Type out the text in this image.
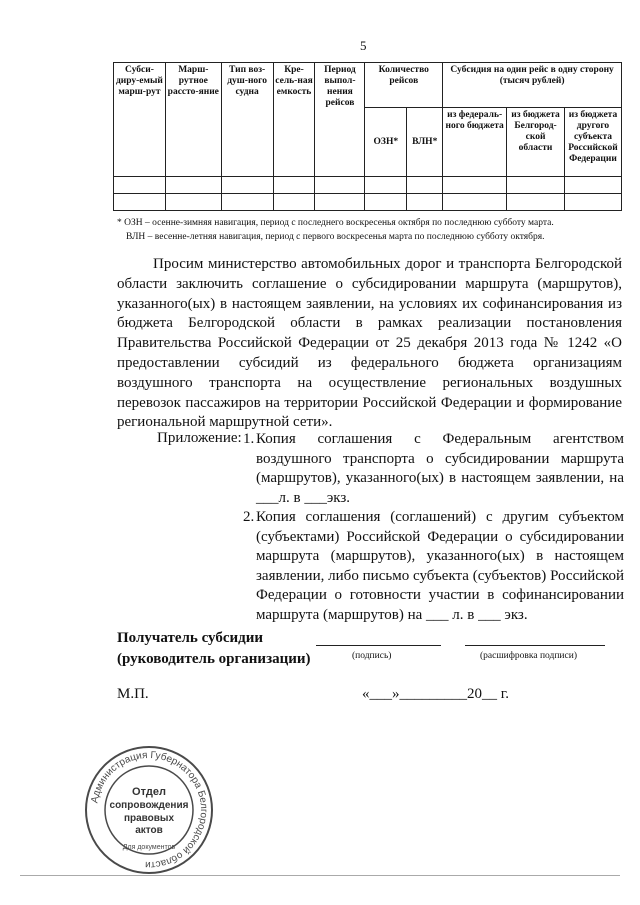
5
Субси-диру-емый марш-рут	Марш-рутное рассто-яние	Тип воз-душ-ного судна	Кре-сель-ная емкость	Период выпол-нения рейсов	Количество рейсов		Субсидия на один рейс в одну сторону (тысяч рублей)		
					ОЗН*	ВЛН*	из федераль-ного бюджета	из бюджета Белгород-ской области	из бюджета другого субъекта Российской Федерации

* ОЗН – осенне-зимняя навигация, период с последнего воскресенья октября по последнюю субботу марта.
ВЛН – весенне-летняя навигация, период с первого воскресенья марта по последнюю субботу октября.

Просим министерство автомобильных дорог и транспорта Белгородской области заключить соглашение о субсидировании маршрута (маршрутов), указанного(ых) в настоящем заявлении, на условиях их софинансирования из бюджета Белгородской области в рамках реализации постановления Правительства Российской Федерации от 25 декабря 2013 года № 1242 «О предоставлении субсидий из федерального бюджета организациям воздушного транспорта на осуществление региональных воздушных перевозок пассажиров на территории Российской Федерации и формирование региональной маршрутной сети».

Приложение: 1. Копия соглашения с Федеральным агентством воздушного транспорта о субсидировании маршрута (маршрутов), указанного(ых) в настоящем заявлении, на ___л. в ___экз.
2. Копия соглашения (соглашений) с другим субъектом (субъектами) Российской Федерации о субсидировании маршрута (маршрутов), указанного(ых) в настоящем заявлении, либо письмо субъекта (субъектов) Российской Федерации о готовности участии в софинансировании маршрута (маршрутов) на ___ л. в ___ экз.
Получатель субсидии
(руководитель организации)	(подпись)	(расшифровка подписи)
М.П.	«___»_________20__ г.
Администрация Губернатора Белгородской области
Отдел
сопровождения
правовых
актов
Для документов
